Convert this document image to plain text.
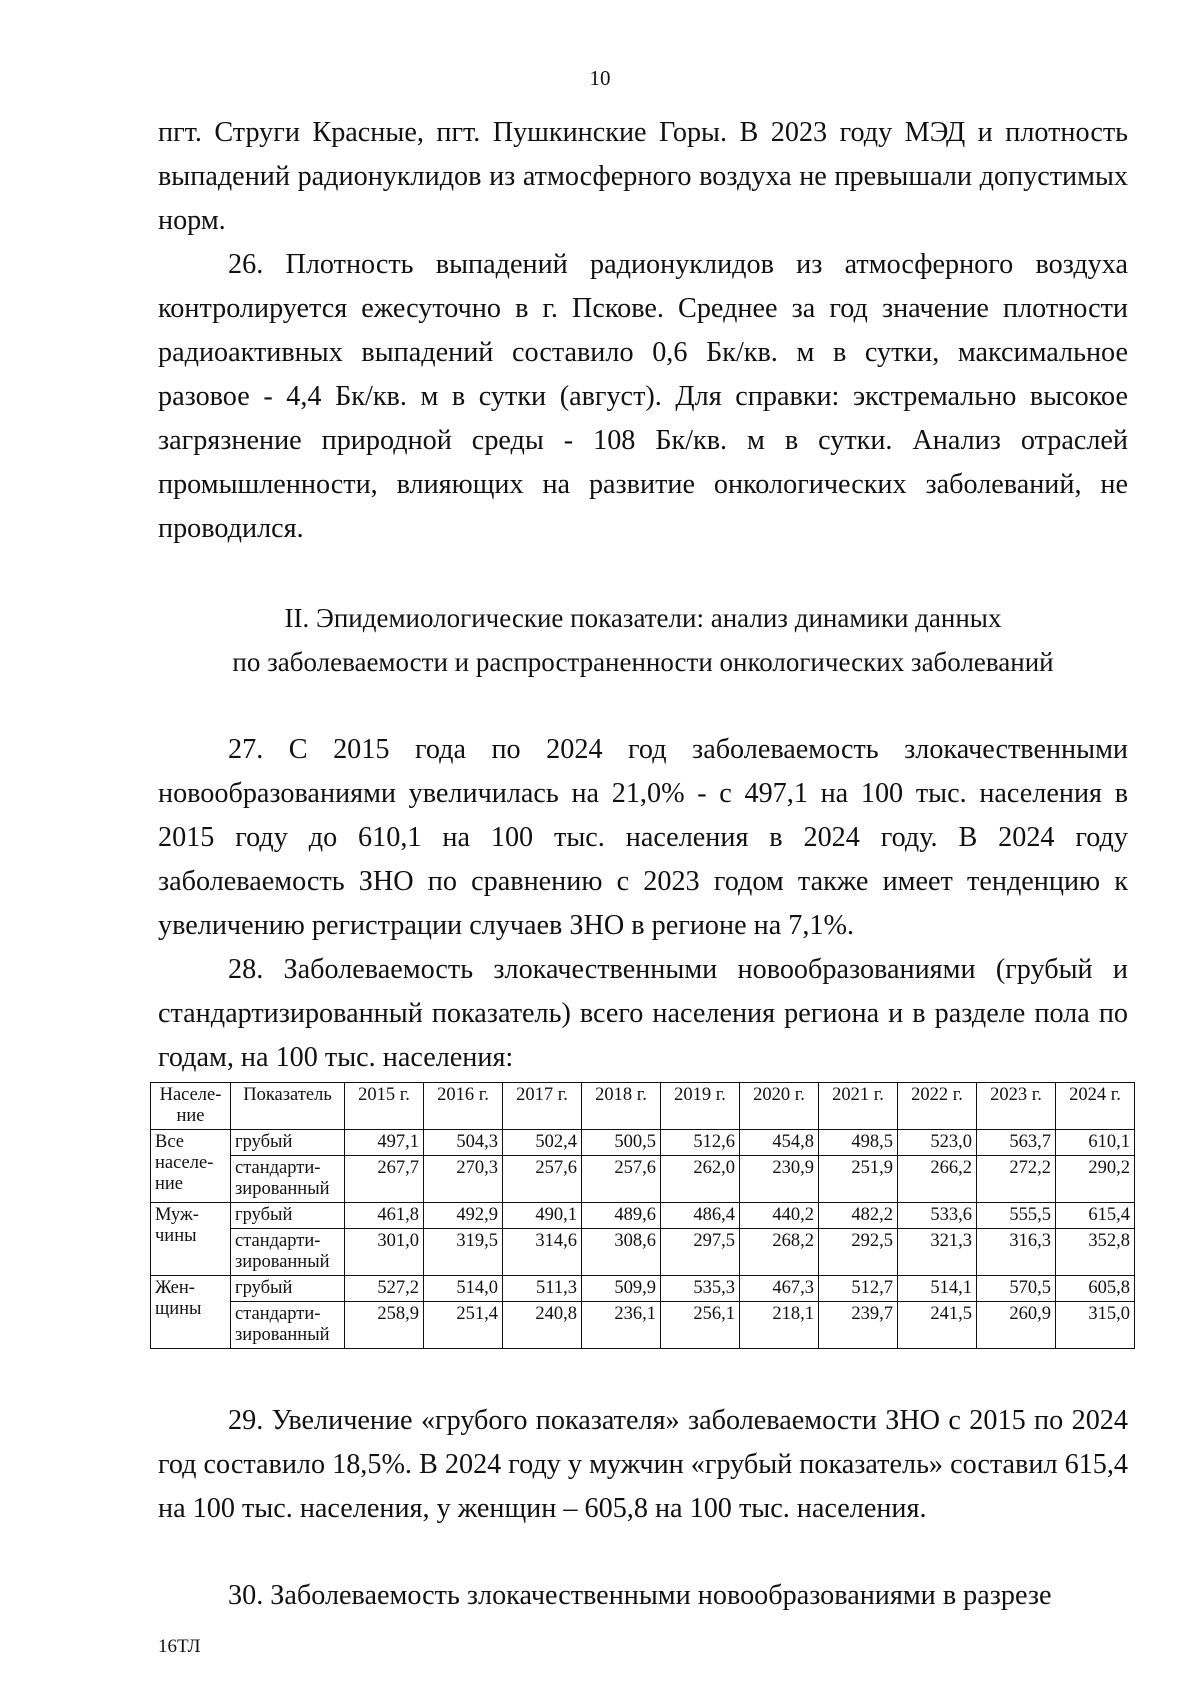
10

пгт. Струги Красные, пгт. Пушкинские Горы. В 2023 году МЭД и плотность выпадений радионуклидов из атмосферного воздуха не превышали допустимых норм.

26. Плотность выпадений радионуклидов из атмосферного воздуха контролируется ежесуточно в г. Пскове. Среднее за год значение плотности радиоактивных выпадений составило 0,6 Бк/кв. м в сутки, максимальное разовое - 4,4 Бк/кв. м в сутки (август). Для справки: экстремально высокое загрязнение природной среды - 108 Бк/кв. м в сутки. Анализ отраслей промышленности, влияющих на развитие онкологических заболеваний, не проводился.

II. Эпидемиологические показатели: анализ динамики данных
по заболеваемости и распространенности онкологических заболеваний

27. С 2015 года по 2024 год заболеваемость злокачественными новообразованиями увеличилась на 21,0% - с 497,1 на 100 тыс. населения в 2015 году до 610,1 на 100 тыс. населения в 2024 году. В 2024 году заболеваемость ЗНО по сравнению с 2023 годом также имеет тенденцию к увеличению регистрации случаев ЗНО в регионе на 7,1%.

28. Заболеваемость злокачественными новообразованиями (грубый и стандартизированный показатель) всего населения региона и в разделе пола по годам, на 100 тыс. населения:

Населе-ние	Показатель	2015 г.	2016 г.	2017 г.	2018 г.	2019 г.	2020 г.	2021 г.	2022 г.	2023 г.	2024 г.
Все населе-ние	грубый	497,1	504,3	502,4	500,5	512,6	454,8	498,5	523,0	563,7	610,1
	стандарти-зированный	267,7	270,3	257,6	257,6	262,0	230,9	251,9	266,2	272,2	290,2
Муж-чины	грубый	461,8	492,9	490,1	489,6	486,4	440,2	482,2	533,6	555,5	615,4
	стандарти-зированный	301,0	319,5	314,6	308,6	297,5	268,2	292,5	321,3	316,3	352,8
Жен-щины	грубый	527,2	514,0	511,3	509,9	535,3	467,3	512,7	514,1	570,5	605,8
	стандарти-зированный	258,9	251,4	240,8	236,1	256,1	218,1	239,7	241,5	260,9	315,0

29. Увеличение «грубого показателя» заболеваемости ЗНО с 2015 по 2024 год составило 18,5%. В 2024 году у мужчин «грубый показатель» составил 615,4 на 100 тыс. населения, у женщин – 605,8 на 100 тыс. населения.

30. Заболеваемость злокачественными новообразованиями в разрезе

16ТЛ
